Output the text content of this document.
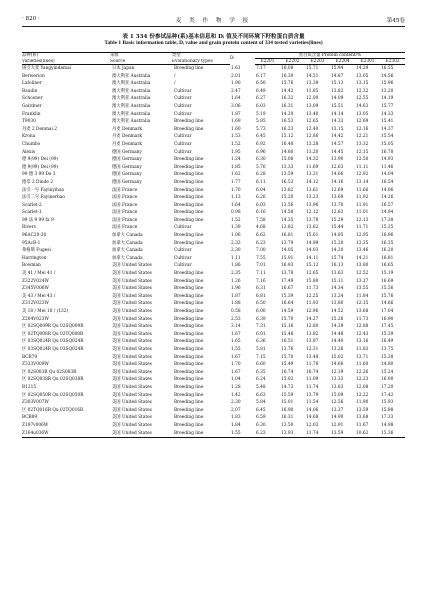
· 820 ·	麦 类 作 物 学 报	第45卷
表 1 334 份参试品种(系)基本信息和 Dᵢ 值及不同环境下籽粒蛋白质含量
Table 1 Basic information table, Dᵢ value and grain protein content of 334 tested varieties(lines)
品种(系)	来源	类型	Dᵢ	蛋白质含量 Protein content/%					
Varieties(lines)	Source	Evolutionary types		E2201	E2202	E2203	E2204	E2301	E2302
扬引大麦 Yangyindamai	日本 Japan	Breeding line	1.61	7.17	16.08	15.71	15.94	14.29	16.55
Berwerion	澳大利亚 Australia	/	2.01	6.17	16.30	14.51	14.87	13.05	14.56
Lafoliner	澳大利亚 Australia	/	1.90	6.50	15.76	13.39	15.13	13.15	15.96
Baudin	澳大利亚 Australia	Cultivar	2.47	6.49	14.42	11.85	13.82	12.32	13.20
Schooner	澳大利亚 Australia	Cultivar	1.64	6.27	16.32	12.00	14.09	12.55	14.19
Gairdner	澳大利亚 Australia	Cultivar	3.06	6.03	16.31	13.09	15.51	14.63	15.77
Franklin	澳大利亚 Australia	Cultivar	1.87	5.19	14.20	13.40	14.14	13.05	14.33
T9030	澳大利亚 Australia	Breeding line	1.69	5.85	16.53	12.65	14.33	12.69	15.41
丹麦 2 Denmai 2	丹麦 Denmark	Breeding line	1.60	5.73	16.23	12.40	13.15	12.16	14.37
Krona	丹麦 Denmark	Cultivar	1.53	6.45	15.12	12.86	14.42	12.21	15.54
Chumbo	丹麦 Denmark	Cultivar	1.52	6.92	16.40	13.28	14.57	13.32	15.05
Alexis	德国 Germany	Cultivar	1.95	6.96	14.80	13.20	14.45	12.15	16.78
德 9(99) Dei (99)	德国 Germany	Breeding line	1.24	6.30	15.08	14.32	13.90	12.50	14.93
德 9(99) Dei (99)	德国 Germany	Breeding line	1.85	5.76	13.33	11.69	12.63	11.11	11.46
99 德 3 99 De 3	德国 Germany	Breeding line	1.62	6.28	13.59	13.31	14.66	12.92	14.04
德奈 2 Dinde 2	德国 Germany	Breeding line	1.77	6.11	16.53	14.12	14.16	13.14	16.54
法引一号 Fayinyihao	法国 France	Breeding line	1.70	6.04	13.82	13.61	12.69	11.66	14.06
法引二号 Fayinerhao	法国 France	Breeding line	1.13	6.26	15.20	13.23	13.69	11.92	14.26
Scarlet-2	法国 France	Breeding line	1.64	6.03	13.56	13.96	13.70	11.91	16.57
Scarlet-1	法国 France	Breeding line	0.98	6.16	14.58	12.12	12.83	11.01	14.94
99 法 9 99 fa 9	法国 France	Breeding line	1.52	7.58	14.35	13.78	15.29	12.13	17.38
Rivers	法国 France	Cultivar	1.39	4.68	13.82	13.62	15.44	11.71	15.25
96AC20-20	加拿大 Canada	Breeding line	1.06	6.62	16.81	15.61	14.95	12.95	16.96
95AcB-1	加拿大 Canada	Breeding line	2.33	6.23	13.79	14.99	15.20	13.35	16.35
弗格斯 Fugesi	加拿大 Canada	Cultivar	2.30	7.00	14.05	14.03	14.20	13.46	16.20
Harrington	加拿大 Canada	Cultivar	1.11	7.55	15.91	14.11	15.74	14.21	16.81
Bowman	美国 United States	Cultivar	1.86	7.01	16.93	15.12	16.13	13.80	16.65
美 41 / Mei 41 /	美国 United States	Breeding line	2.35	7.11	13.78	12.65	13.63	12.52	15.19
Z322V024W	美国 United States	Breeding line	1.26	7.16	17.49	15.80	15.11	13.17	16.69
Z345V006W	美国 United States	Breeding line	1.96	6.31	16.67	11.73	14.34	13.55	15.56
美 43 / Mei 43 /	美国 United States	Breeding line	1.87	6.81	15.39	12.25	13.24	11.84	15.76
Z312V023W	美国 United States	Breeding line	1.88	6.50	16.64	11.93	13.80	12.15	14.66
美 18 / Mei 18 / (132)	美国 United States	Breeding line	0.58	6.00	14.59	12.96	14.52	13.68	17.04
Z204V023W	美国 United States	Breeding line	2.53	6.39	15.70	14.27	15.26	11.73	16.90
区 02SQ009R Qu 02SQ009R	美国 United States	Breeding line	3.14	7.31	15.16	12.80	14.39	12.88	17.45
区 02TQ008R Qu 02TQ008R	美国 United States	Breeding line	1.67	6.01	15.48	13.82	14.48	12.43	15.39
区 03SQ024R Qu 03SQ024R	美国 United States	Breeding line	1.65	6.36	16.51	13.97	14.40	13.16	16.49
区 03SQ024R Qu 03SQ024R	美国 United States	Breeding line	1.55	5.81	13.76	12.31	13.26	11.83	13.75
BCB79	美国 United States	Breeding line	1.67	7.15	15.70	13.48	15.02	13.71	15.38
Z333V009W	美国 United States	Breeding line	1.70	6.60	15.49	11.76	14.68	11.60	14.80
区 02S003R Qu 02S003R	美国 United States	Breeding line	1.67	6.35	16.74	16.74	12.39	12.26	15.24
区 02SQ038R Qu 02SQ038R	美国 United States	Breeding line	1.04	6.24	15.02	11.09	13.33	12.23	16.00
B1215	美国 United States	Breeding line	1.28	5.48	14.73	11.74	13.83	12.08	17.20
区 02SQ050R Qu 02SQ050R	美国 United States	Breeding line	1.42	6.63	15.59	13.79	15.09	12.22	17.42
Z303V007W	美国 United States	Breeding line	2.30	5.84	15.01	11.54	12.56	11.90	15.93
区 02TQ016R Qu 02TQ016R	美国 United States	Breeding line	2.07	6.45	16.90	14.06	13.37	13.59	15.98
BCB89	美国 United States	Breeding line	1.83	6.59	16.31	14.68	14.90	13.68	17.33
Z197v006W	美国 United States	Breeding line	1.84	6.30	13.50	12.02	12.91	11.67	14.98
Z164u036W	美国 United States	Breeding line	1.55	6.23	13.93	11.74	13.59	10.62	15.36
